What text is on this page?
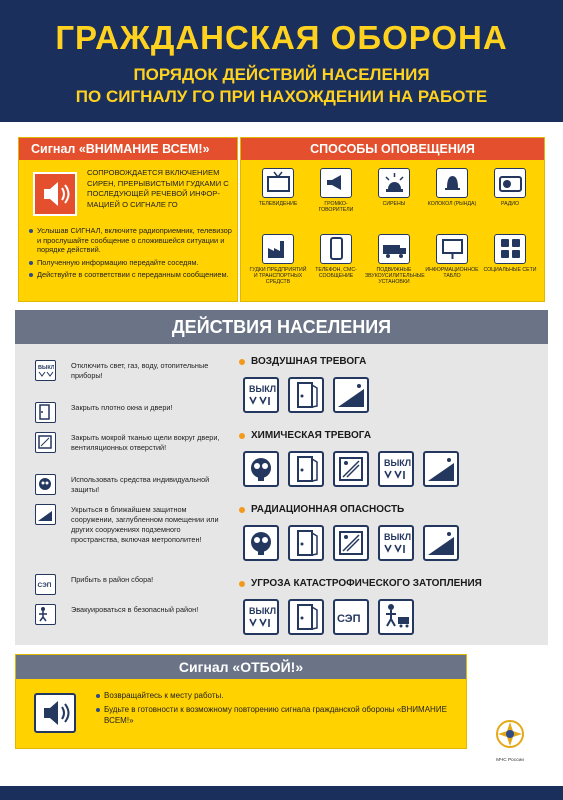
ГРАЖДАНСКАЯ ОБОРОНА
ПОРЯДОК ДЕЙСТВИЙ НАСЕЛЕНИЯ
ПО СИГНАЛУ ГО ПРИ НАХОЖДЕНИИ НА РАБОТЕ
Сигнал «ВНИМАНИЕ ВСЕМ!»
СОПРОВОЖДАЕТСЯ ВКЛЮЧЕНИЕМ СИРЕН, ПРЕРЫВИСТЫМИ ГУДКАМИ С ПОСЛЕДУЮЩЕЙ РЕЧЕВОЙ ИНФОР-МАЦИЕЙ О СИГНАЛЕ ГО
Услышав СИГНАЛ, включите радиоприемник, телевизор и прослушайте сообщение о сложившейся ситуации и порядке действий.
Полученную информацию передайте соседям.
Действуйте в соответствии с переданным сообщением.
СПОСОБЫ ОПОВЕЩЕНИЯ
ТЕЛЕВИДЕНИЕ	ГРОМКО-ГОВОРИТЕЛИ
СИРЕНЫ	КОЛОКОЛ (РЫНДА)	РАДИО
ГУДКИ ПРЕДПРИЯТИЙ И ТРАНСПОРТНЫХ СРЕДСТВ
ТЕЛЕФОН, СМС-СООБЩЕНИЕ
ПОДВИЖНЫЕ ЗВУКОУСИЛИТЕЛЬНЫЕ УСТАНОВКИ
ИНФОРМАЦИОННОЕ ТАБЛО
СОЦИАЛЬНЫЕ СЕТИ
ДЕЙСТВИЯ НАСЕЛЕНИЯ
ВЫКЛ Отключить свет, газ, воду, отопительные приборы!
Закрыть плотно окна и двери!
Закрыть мокрой тканью щели вокруг двери, вентиляционных отверстий!
Использовать средства индивидуальной защиты!
Укрыться в ближайшем защитном сооружении, заглубленном помещении или других сооружениях подземного пространства, включая метрополитен!
СЭП
Прибыть в район сбора!
Эвакуироваться в безопасный район!
ВОЗДУШНАЯ ТРЕВОГА
ВЫКЛ
ХИМИЧЕСКАЯ ТРЕВОГА
ВЫКЛ
РАДИАЦИОННАЯ ОПАСНОСТЬ
ВЫКЛ
УГРОЗА КАТАСТРОФИЧЕСКОГО ЗАТОПЛЕНИЯ
ВЫКЛ
СЭП
Сигнал «ОТБОЙ!»
Возвращайтесь к месту работы.
Будьте в готовности к возможному повторению сигнала гражданской обороны «ВНИМАНИЕ ВСЕМ!»
МЧС России
